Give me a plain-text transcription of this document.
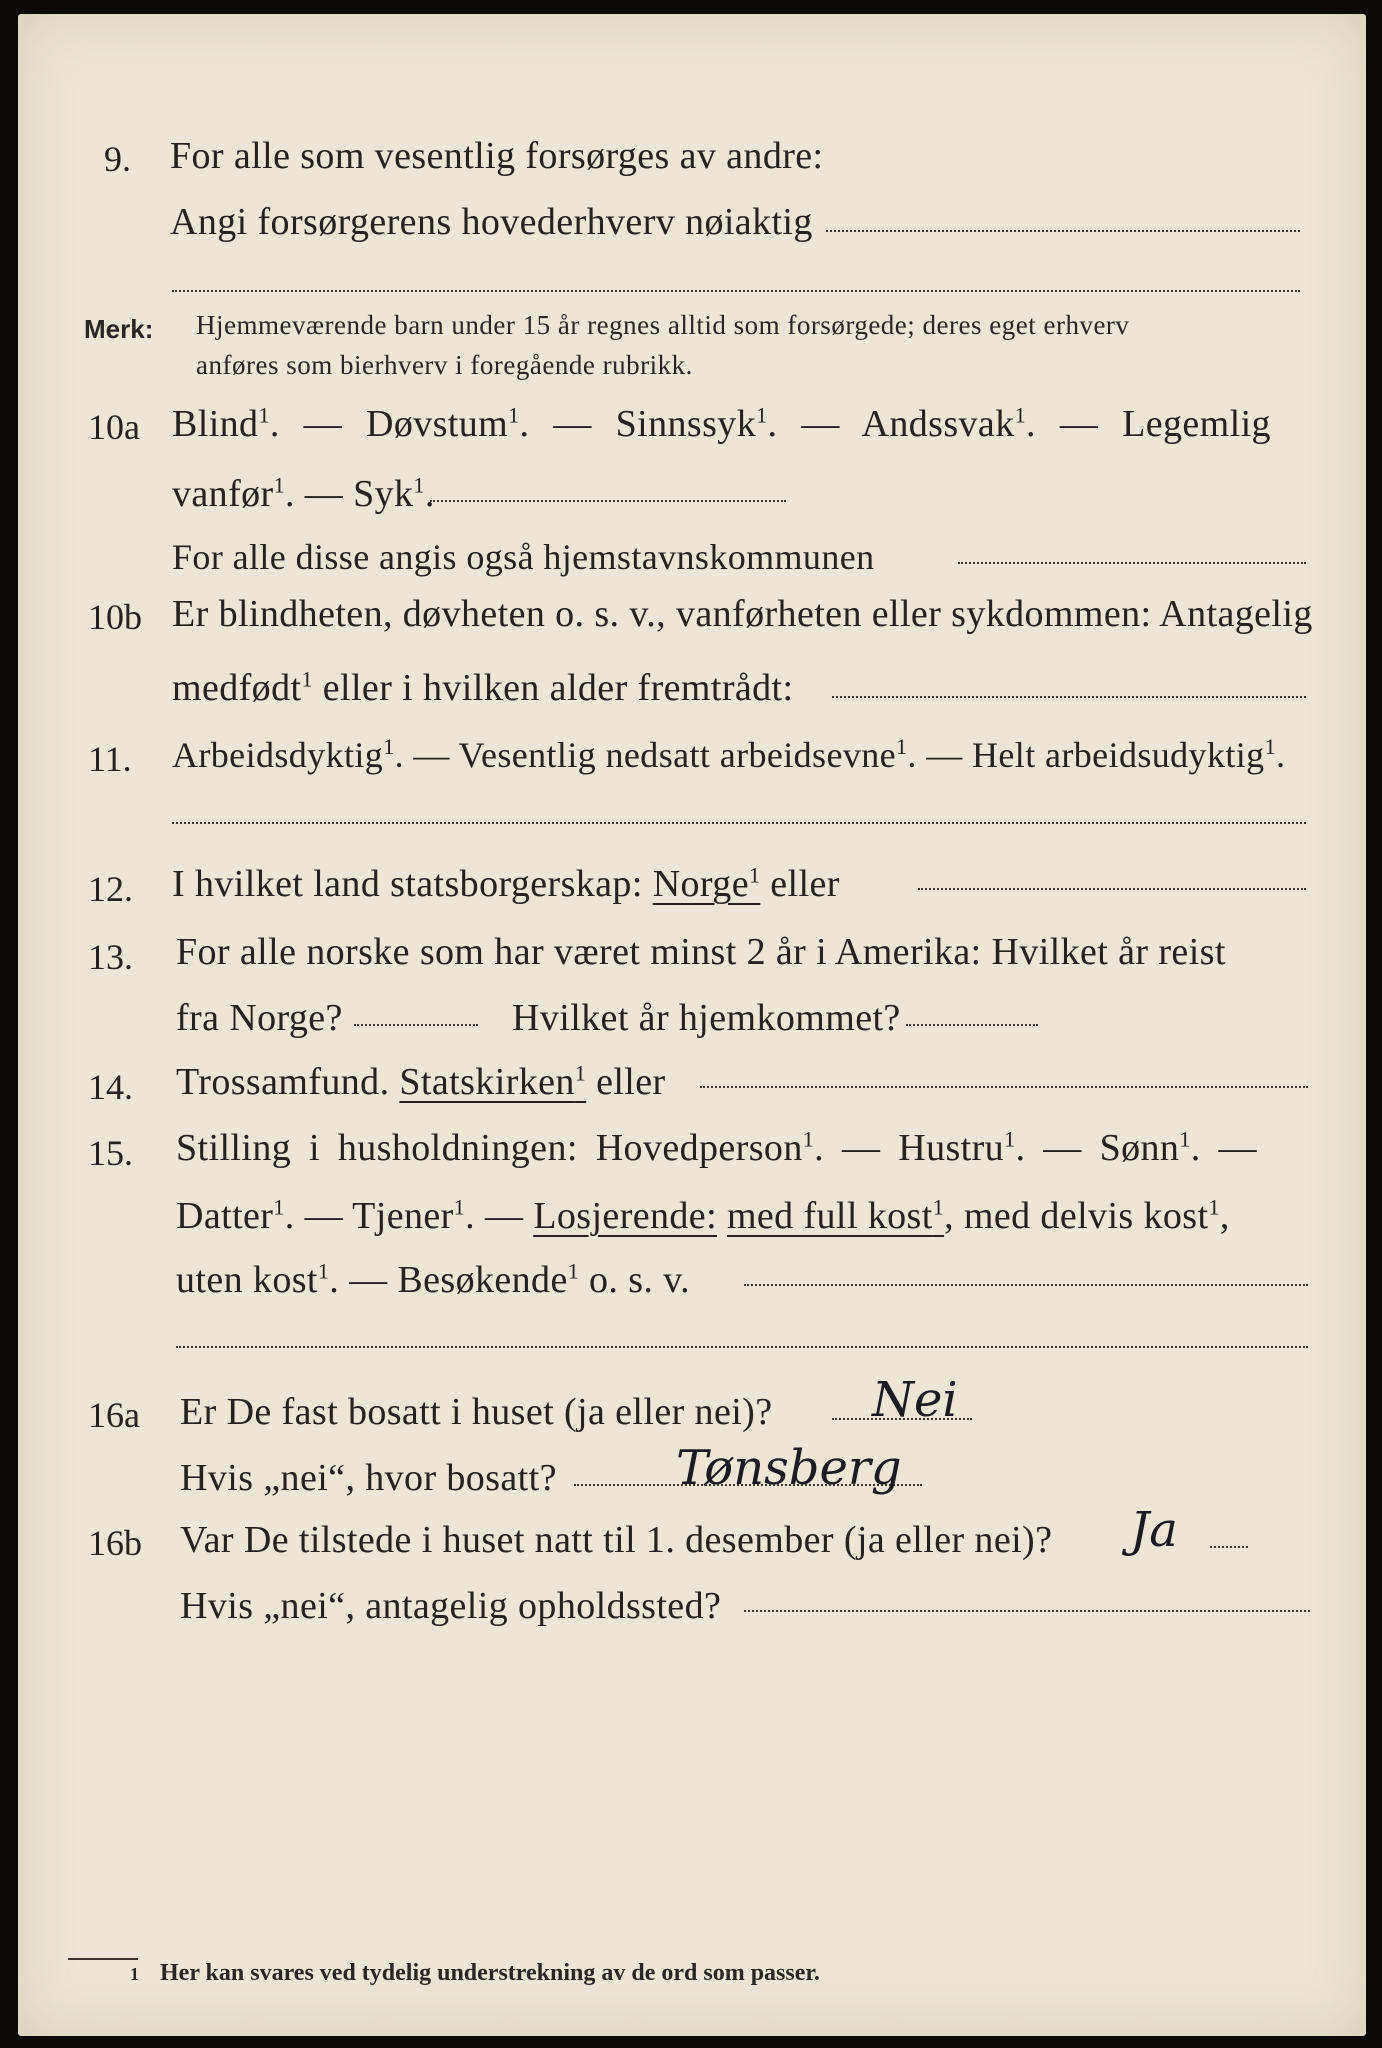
9. For alle som vesentlig forsørges av andre:
Angi forsørgerens hovederhverv nøiaktig
Merk: Hjemmeværende barn under 15 år regnes alltid som forsørgede; deres eget erhverv
anføres som bierhverv i foregående rubrikk.
10a Blind$^1$. — Døvstum$^1$. — Sinnssyk$^1$. — Andssvak$^1$. — Legemlig
vanfør$^1$. — Syk$^1$.
For alle disse angis også hjemstavnskommunen
10b Er blindheten, døvheten o. s. v., vanførheten eller sykdommen: Antagelig
medfødt$^1$ eller i hvilken alder fremtrådt:
11. Arbeidsdyktig$^1$. — Vesentlig nedsatt arbeidsevne$^1$. — Helt arbeidsudyktig$^1$.
12. I hvilket land statsborgerskap: Norge$^1$ eller
13. For alle norske som har været minst 2 år i Amerika: Hvilket år reist
fra Norge?	Hvilket år hjemkommet?
14. Trossamfund. Statskirken$^1$ eller
15. Stilling i husholdningen: Hovedperson$^1$. — Hustru$^1$. — Sønn$^1$. —
Datter$^1$. — Tjener$^1$. — Losjerende: med full kost$^1$, med delvis kost$^1$,
uten kost$^1$. — Besøkende$^1$ o. s. v.
16a Er De fast bosatt i huset (ja eller nei)? Nei
Hvis „nei“, hvor bosatt? Tønsberg
16b Var De tilstede i huset natt til 1. desember (ja eller nei)? Ja
Hvis „nei“, antagelig opholdssted?
1 Her kan svares ved tydelig understrekning av de ord som passer.
